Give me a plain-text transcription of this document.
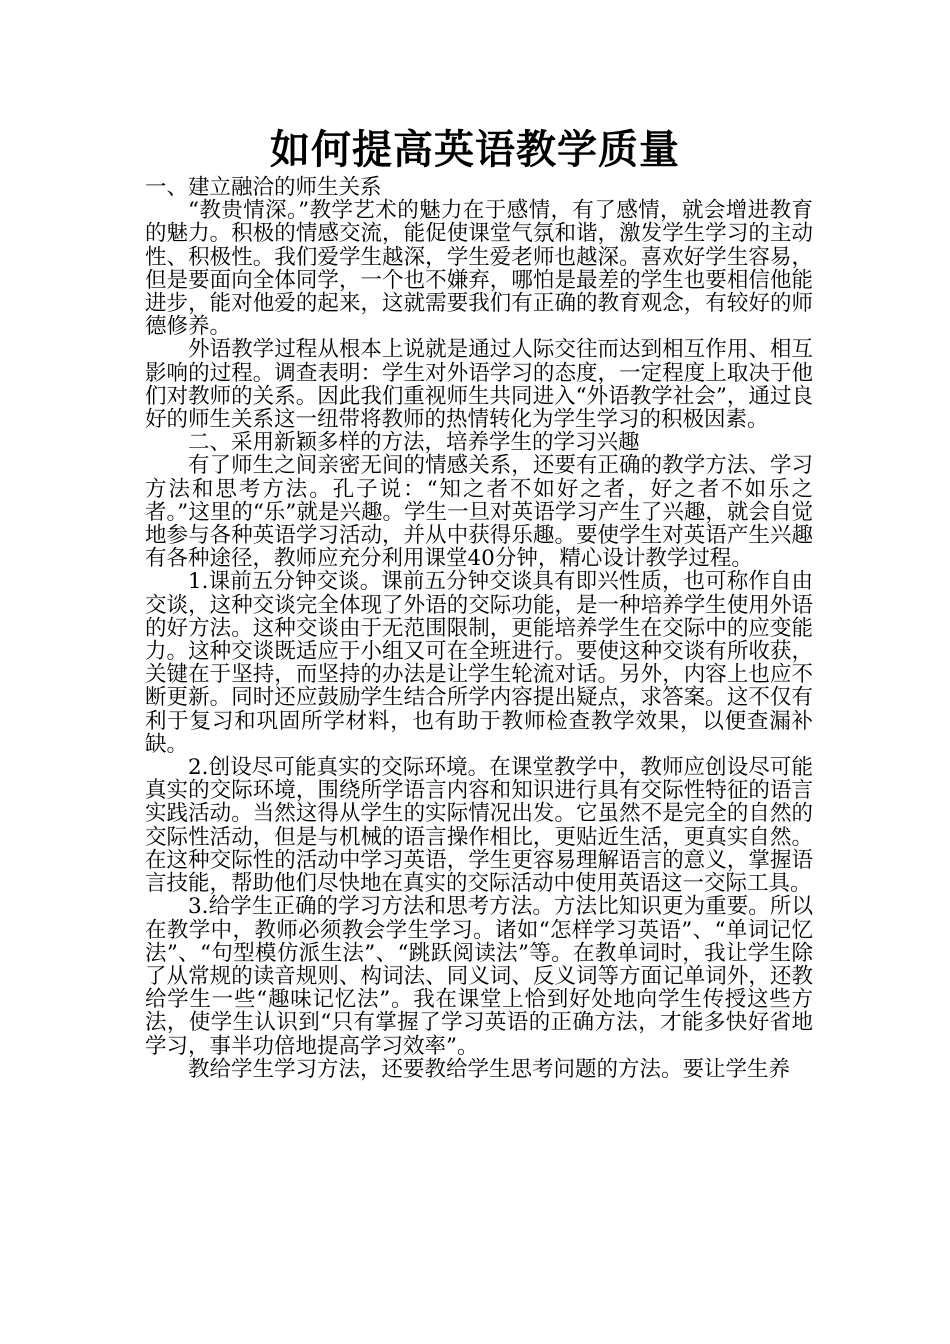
如何提高英语教学质量

一、建立融洽的师生关系

“教贵情深。”教学艺术的魅力在于感情，有了感情，就会增进教育的魅力。积极的情感交流，能促使课堂气氛和谐，激发学生学习的主动性、积极性。我们爱学生越深，学生爱老师也越深。喜欢好学生容易，但是要面向全体同学，一个也不嫌弃，哪怕是最差的学生也要相信他能进步，能对他爱的起来，这就需要我们有正确的教育观念，有较好的师德修养。

外语教学过程从根本上说就是通过人际交往而达到相互作用、相互影响的过程。调查表明：学生对外语学习的态度，一定程度上取决于他们对教师的关系。因此我们重视师生共同进入“外语教学社会”，通过良好的师生关系这一纽带将教师的热情转化为学生学习的积极因素。

二、采用新颖多样的方法，培养学生的学习兴趣

有了师生之间亲密无间的情感关系，还要有正确的教学方法、学习方法和思考方法。孔子说：“知之者不如好之者，好之者不如乐之者。”这里的“乐”就是兴趣。学生一旦对英语学习产生了兴趣，就会自觉地参与各种英语学习活动，并从中获得乐趣。要使学生对英语产生兴趣有各种途径，教师应充分利用课堂40分钟，精心设计教学过程。

1.课前五分钟交谈。课前五分钟交谈具有即兴性质，也可称作自由交谈，这种交谈完全体现了外语的交际功能，是一种培养学生使用外语的好方法。这种交谈由于无范围限制，更能培养学生在交际中的应变能力。这种交谈既适应于小组又可在全班进行。要使这种交谈有所收获，关键在于坚持，而坚持的办法是让学生轮流对话。另外，内容上也应不断更新。同时还应鼓励学生结合所学内容提出疑点，求答案。这不仅有利于复习和巩固所学材料，也有助于教师检查教学效果，以便查漏补缺。

2.创设尽可能真实的交际环境。在课堂教学中，教师应创设尽可能真实的交际环境，围绕所学语言内容和知识进行具有交际性特征的语言实践活动。当然这得从学生的实际情况出发。它虽然不是完全的自然的交际性活动，但是与机械的语言操作相比，更贴近生活，更真实自然。在这种交际性的活动中学习英语，学生更容易理解语言的意义，掌握语言技能，帮助他们尽快地在真实的交际活动中使用英语这一交际工具。

3.给学生正确的学习方法和思考方法。方法比知识更为重要。所以在教学中，教师必须教会学生学习。诸如“怎样学习英语”、“单词记忆法”、“句型模仿派生法”、“跳跃阅读法”等。在教单词时，我让学生除了从常规的读音规则、构词法、同义词、反义词等方面记单词外，还教给学生一些“趣味记忆法”。我在课堂上恰到好处地向学生传授这些方法，使学生认识到“只有掌握了学习英语的正确方法，才能多快好省地学习，事半功倍地提高学习效率”。

教给学生学习方法，还要教给学生思考问题的方法。要让学生养
